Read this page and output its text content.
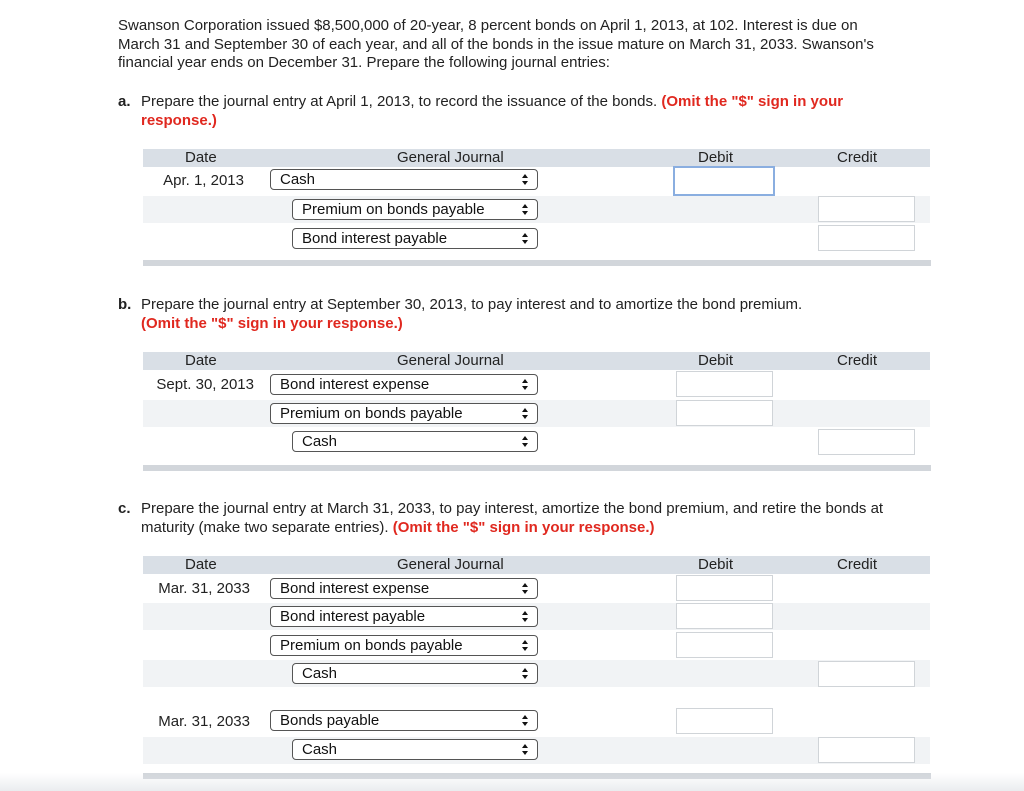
Swanson Corporation issued $8,500,000 of 20-year, 8 percent bonds on April 1, 2013, at 102. Interest is due on March 31 and September 30 of each year, and all of the bonds in the issue mature on March 31, 2033. Swanson's financial year ends on December 31. Prepare the following journal entries:
a. Prepare the journal entry at April 1, 2013, to record the issuance of the bonds. (Omit the "$" sign in your response.)
Date	General Journal	Debit	Credit
Apr. 1, 2013	Cash
Premium on bonds payable
Bond interest payable
b. Prepare the journal entry at September 30, 2013, to pay interest and to amortize the bond premium.
(Omit the "$" sign in your response.)
Date	General Journal	Debit	Credit
Sept. 30, 2013	Bond interest expense
Premium on bonds payable
Cash
c. Prepare the journal entry at March 31, 2033, to pay interest, amortize the bond premium, and retire the bonds at maturity (make two separate entries). (Omit the "$" sign in your response.)
Date	General Journal	Debit	Credit
Mar. 31, 2033	Bond interest expense
Bond interest payable
Premium on bonds payable
Cash
Mar. 31, 2033	Bonds payable
Cash
